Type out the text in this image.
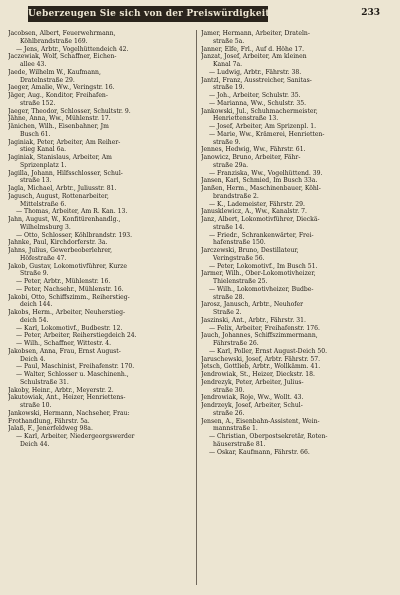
Ueberzeugen Sie sich von der Preiswürdigkeit.	233
Jacobsen, Albert, Feuerwehrmann,
Köhlbrandstraße 169.
— Jens, Arbtr., Vogelhüttendeich 42.
Jaczewiak, Wolf, Schaffner, Eichen-
allee 43.
Jaede, Wilhelm W., Kaufmann,
Dratelnstraße 29.
Jaeger, Amalie, Ww., Veringstr. 16.
Jäger, Aug., Konditor, Freihafen-
straße 152.
Jaeger, Theodor, Schlosser, Schultstr. 9.
Jähne, Anna, Ww., Mühlenstr. 17.
Jänichen, Wilh., Eisenbahner, Jm
Busch 61.
Jaginiak, Peter, Arbeiter, Am Reiher-
stieg Kanal 6a.
Jaginiak, Stanislaus, Arbeiter, Am
Sprizenplatz 1.
Jagilla, Johann, Hilfsschlosser, Schul-
straße 13.
Jagla, Michael, Arbtr., Juliusstr. 81.
Jagusch, August, Rottenarbeiter,
Mittelstraße 6.
— Thomas, Arbeiter, Am R. Kan. 13.
Jahn, August, W., Konfitürenhandlg.,
Wilhelmsburg 3.
— Otto, Schlosser, Köhlbrandstr. 193.
Jahnke, Paul, Kirchdorferstr. 3a.
Jahns, Julius, Gewerbeoberlehrer,
Höfestraße 47.
Jakob, Gustav, Lokomotivführer, Kurze
Straße 9.
— Peter, Arbtr., Mühlenstr. 16.
— Peter, Nachsehr., Mühlenstr. 16.
Jakobi, Otto, Schiffszimm., Reiherstieg-
deich 144.
Jakobs, Herm., Arbeiter, Neuherstieg-
deich 54.
— Karl, Lokomotivf., Budbestr. 12.
— Peter, Arbeiter, Reiherstiegdeich 24.
— Wilh., Schaffner, Wittestr. 4.
Jakobsen, Anna, Frau, Ernst August-
Deich 4.
— Paul, Maschinist, Freihafenstr. 170.
— Walter, Schlosser u. Maschinenh.,
Schulstraße 31.
Jakoby, Heinr., Arbtr., Meyerstr. 2.
Jakutowiak, Ant., Heizer, Henriettens-
straße 10.
Jankowski, Hermann, Nachseher, Frau:
Frothandlung, Fährstr. 5a.
Jalaß, F., Jenerfeldweg 98a.
— Karl, Arbeiter, Niedergeorgswerder
Deich 44.
Jamer, Hermann, Arbeiter, Drateln-
straße 5a.
Janner, Elfe, Frl., Auf d. Höhe 17.
Janzat, Josef, Arbeiter, Am kleinen
Kanal 7a.
— Ludwig, Arbtr., Fährstr. 38.
Jantzl, Franz, Ausstreicher, Sanitas-
straße 19.
— Joh., Arbeiter, Schulstr. 35.
— Marianna, Ww., Schulstr. 35.
Jankowski, Jul., Schuhmachermeister,
Henriettenstraße 13.
— Josef, Arbeiter, Am Sprizenpl. 1.
— Marie, Ww., Krämerei, Henrietten-
straße 9.
Jennes, Hedwig, Ww., Fährstr. 61.
Janowicz, Bruno, Arbeiter, Fähr-
straße 29a.
— Franziska, Ww., Vogelhüttend. 39.
Jansen, Karl, Schmied, Im Busch 33a.
Janßen, Herm., Maschinenbauer, Köhl-
brandstraße 2.
— K., Lademeister, Fährstr. 29.
Janusklewicz, A., Ww., Kanalstr. 7.
Janz, Albert, Lokomotivführer, Dieckä-
straße 14.
— Friedr., Schrankenwärter, Frei-
hafenstraße 150.
Jarczewski, Bruno, Destillateur,
Veringstraße 56.
— Peter, Lokomotivf., Im Busch 51.
Jarmer, Wilh., Ober-Lokomotivheizer,
Thielenstraße 25.
— Wilh., Lokomotivheizer, Budbe-
straße 28.
Jarosz, Janusch, Arbtr., Neuhofer
Straße 2.
Jaszinski, Ant., Arbtr., Fährstr. 31.
— Felix, Arbeiter, Freihafenstr. 176.
Jauch, Johannes, Schiffszimmermann,
Fährstraße 26.
— Karl, Poller, Ernst August-Deich 50.
Jaruschewski, Josef, Arbtr. Fährstr. 57.
Jetsch, Gottlieb, Arbtr., Wollkämm. 41.
Jendrowiak, St., Heizer, Dieckstr. 18.
Jendrezyk, Peter, Arbeiter, Julius-
straße 30.
Jendrowiak, Roje, Ww., Wollt. 43.
Jendrzeyk, Josef, Arbeiter, Schul-
straße 26.
Jensen, A., Eisenbahn-Assistent, Wein-
mannstraße 1.
— Christian, Oberpostsekretär, Roten-
häuserstraße 81.
— Oskar, Kaufmann, Fährstr. 66.
